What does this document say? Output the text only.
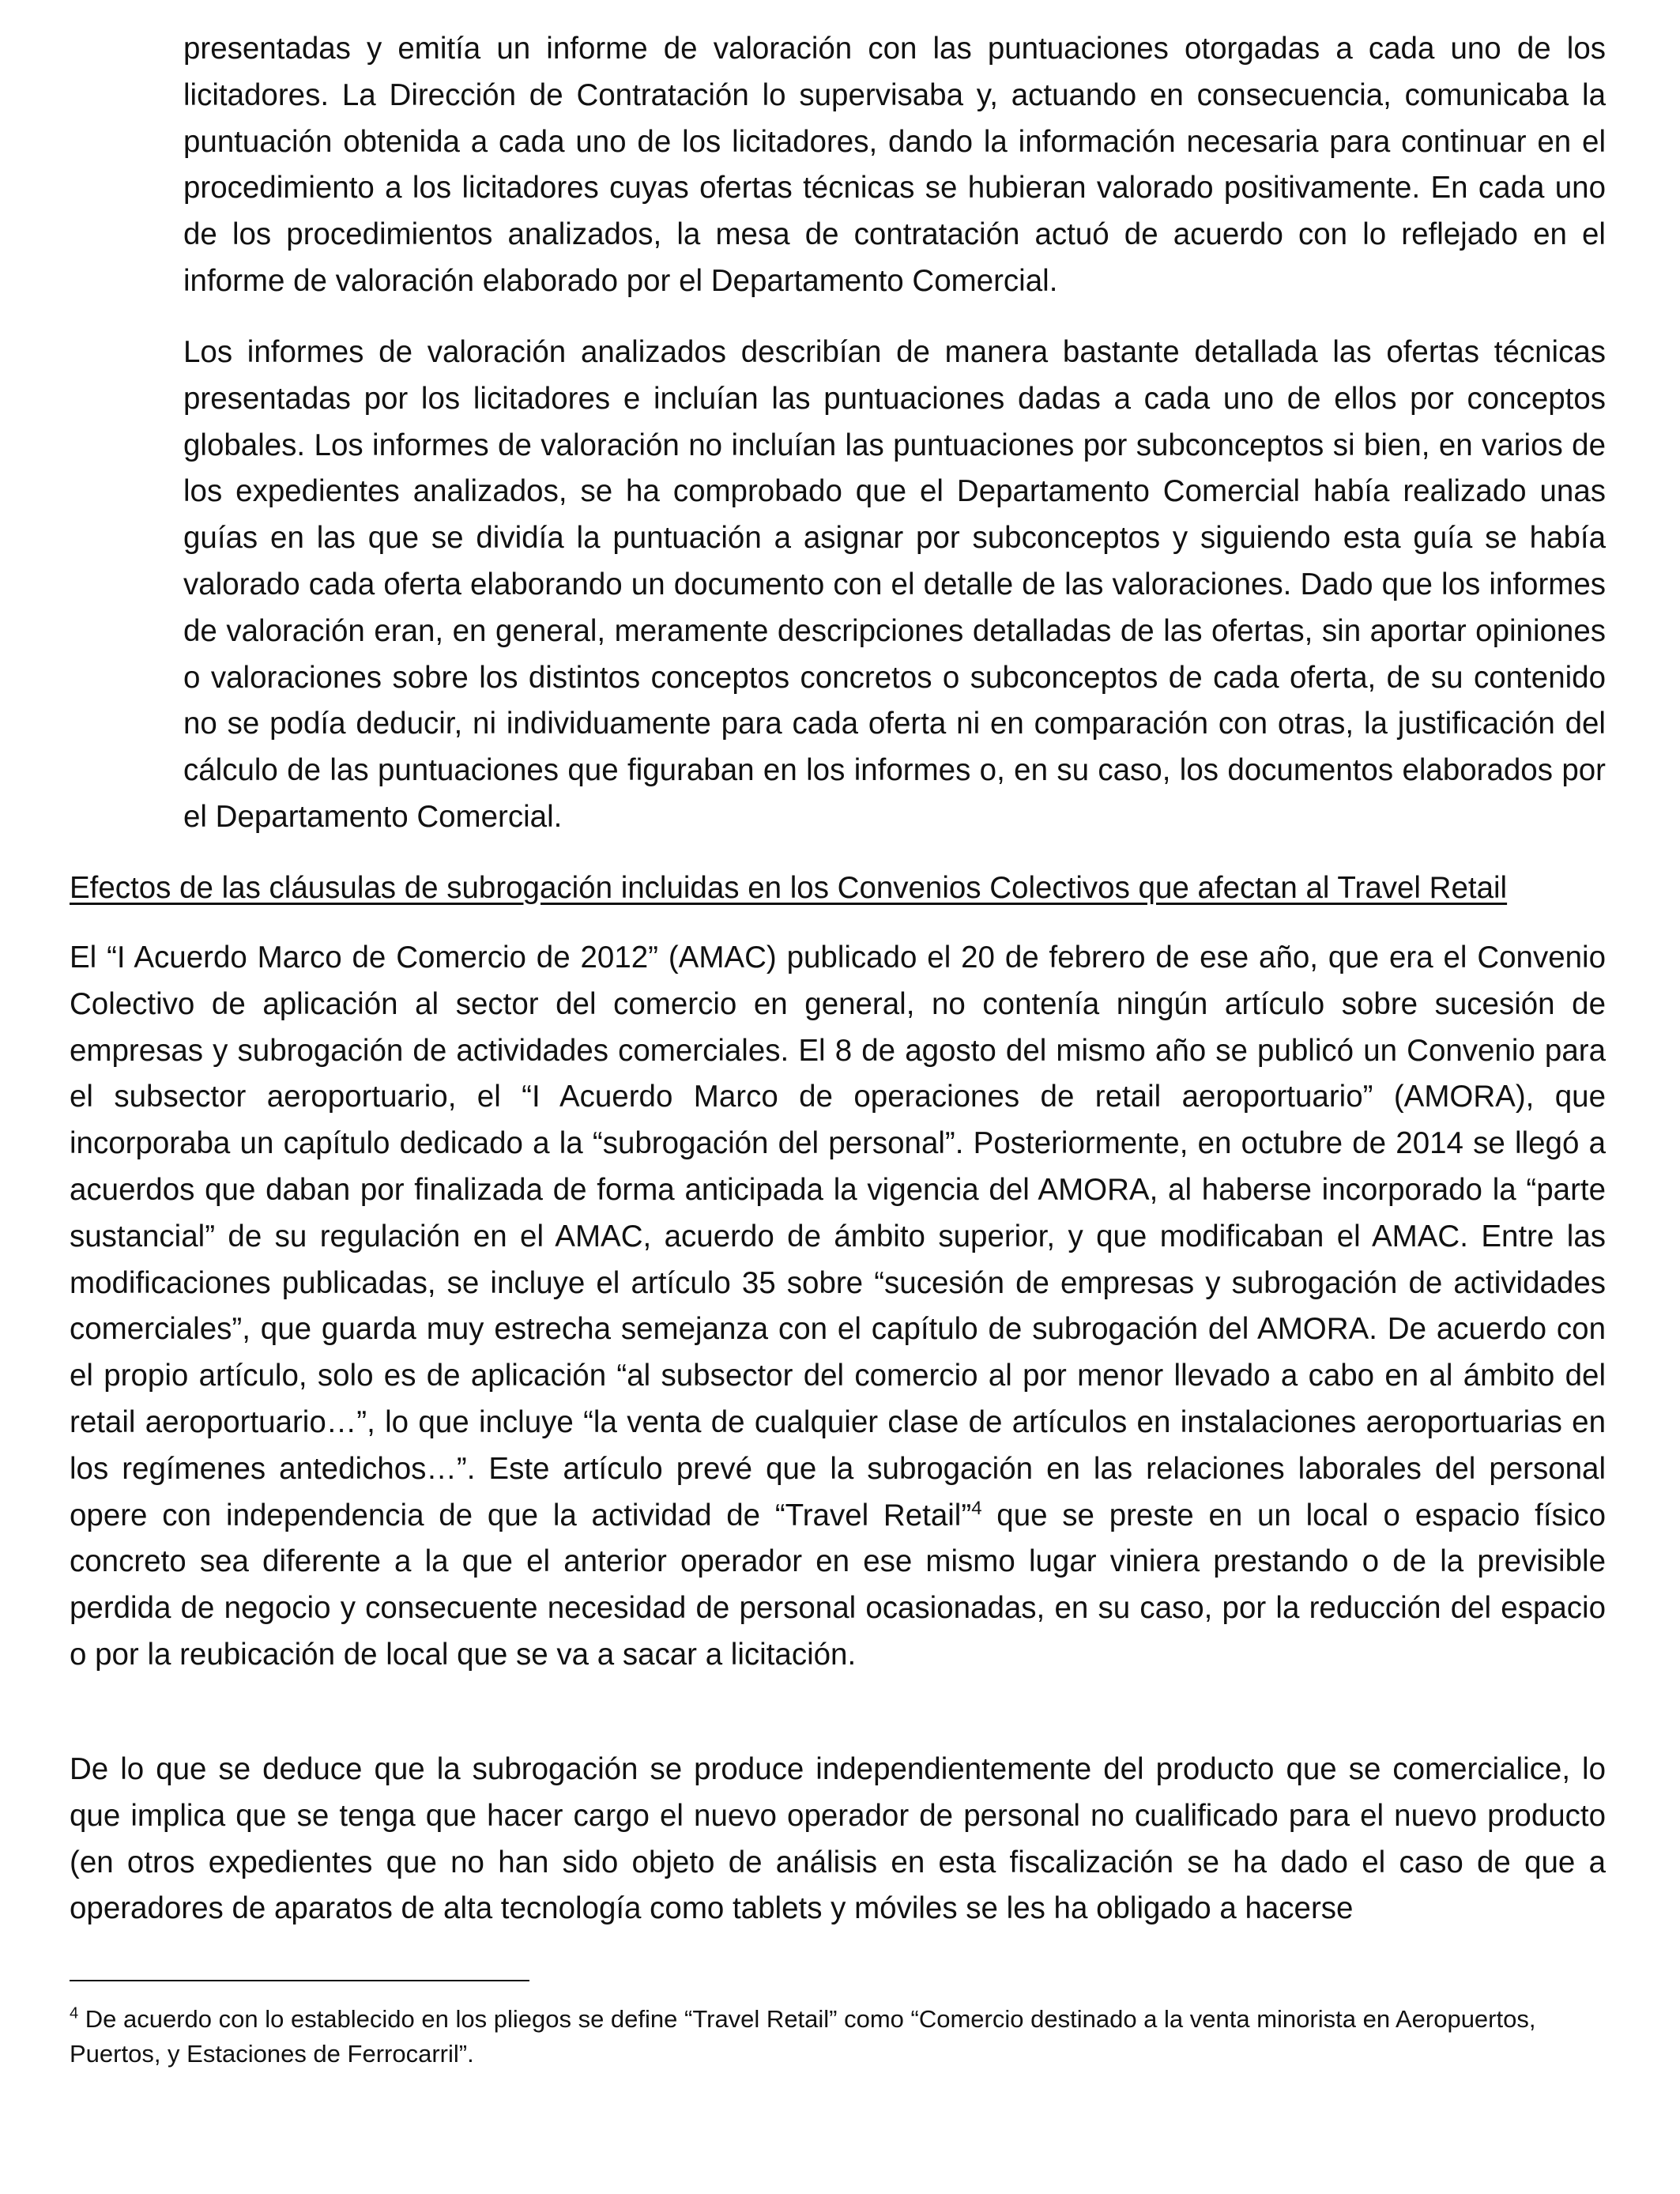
presentadas y emitía un informe de valoración con las puntuaciones otorgadas a cada uno de los licitadores. La Dirección de Contratación lo supervisaba y, actuando en consecuencia, comunicaba la puntuación obtenida a cada uno de los licitadores, dando la información necesaria para continuar en el procedimiento a los licitadores cuyas ofertas técnicas se hubieran valorado positivamente. En cada uno de los procedimientos analizados, la mesa de contratación actuó de acuerdo con lo reflejado en el informe de valoración elaborado por el Departamento Comercial.

Los informes de valoración analizados describían de manera bastante detallada las ofertas técnicas presentadas por los licitadores e incluían las puntuaciones dadas a cada uno de ellos por conceptos globales. Los informes de valoración no incluían las puntuaciones por subconceptos si bien, en varios de los expedientes analizados, se ha comprobado que el Departamento Comercial había realizado unas guías en las que se dividía la puntuación a asignar por subconceptos y siguiendo esta guía se había valorado cada oferta elaborando un documento con el detalle de las valoraciones. Dado que los informes de valoración eran, en general, meramente descripciones detalladas de las ofertas, sin aportar opiniones o valoraciones sobre los distintos conceptos concretos o subconceptos de cada oferta, de su contenido no se podía deducir, ni individuamente para cada oferta ni en comparación con otras, la justificación del cálculo de las puntuaciones que figuraban en los informes o, en su caso, los documentos elaborados por el Departamento Comercial.

Efectos de las cláusulas de subrogación incluidas en los Convenios Colectivos que afectan al Travel Retail

El “I Acuerdo Marco de Comercio de 2012” (AMAC) publicado el 20 de febrero de ese año, que era el Convenio Colectivo de aplicación al sector del comercio en general, no contenía ningún artículo sobre sucesión de empresas y subrogación de actividades comerciales. El 8 de agosto del mismo año se publicó un Convenio para el subsector aeroportuario, el “I Acuerdo Marco de operaciones de retail aeroportuario” (AMORA), que incorporaba un capítulo dedicado a la “subrogación del personal”. Posteriormente, en octubre de 2014 se llegó a acuerdos que daban por finalizada de forma anticipada la vigencia del AMORA, al haberse incorporado la “parte sustancial” de su regulación en el AMAC, acuerdo de ámbito superior, y que modificaban el AMAC. Entre las modificaciones publicadas, se incluye el artículo 35 sobre “sucesión de empresas y subrogación de actividades comerciales”, que guarda muy estrecha semejanza con el capítulo de subrogación del AMORA. De acuerdo con el propio artículo, solo es de aplicación “al subsector del comercio al por menor llevado a cabo en al ámbito del retail aeroportuario…”, lo que incluye “la venta de cualquier clase de artículos en instalaciones aeroportuarias en los regímenes antedichos…”. Este artículo prevé que la subrogación en las relaciones laborales del personal opere con independencia de que la actividad de “Travel Retail”$^4$ que se preste en un local o espacio físico concreto sea diferente a la que el anterior operador en ese mismo lugar viniera prestando o de la previsible perdida de negocio y consecuente necesidad de personal ocasionadas, en su caso, por la reducción del espacio o por la reubicación de local que se va a sacar a licitación.

De lo que se deduce que la subrogación se produce independientemente del producto que se comercialice, lo que implica que se tenga que hacer cargo el nuevo operador de personal no cualificado para el nuevo producto (en otros expedientes que no han sido objeto de análisis en esta fiscalización se ha dado el caso de que a operadores de aparatos de alta tecnología como tablets y móviles se les ha obligado a hacerse

$^4$ De acuerdo con lo establecido en los pliegos se define “Travel Retail” como “Comercio destinado a la venta minorista en Aeropuertos, Puertos, y Estaciones de Ferrocarril”.
